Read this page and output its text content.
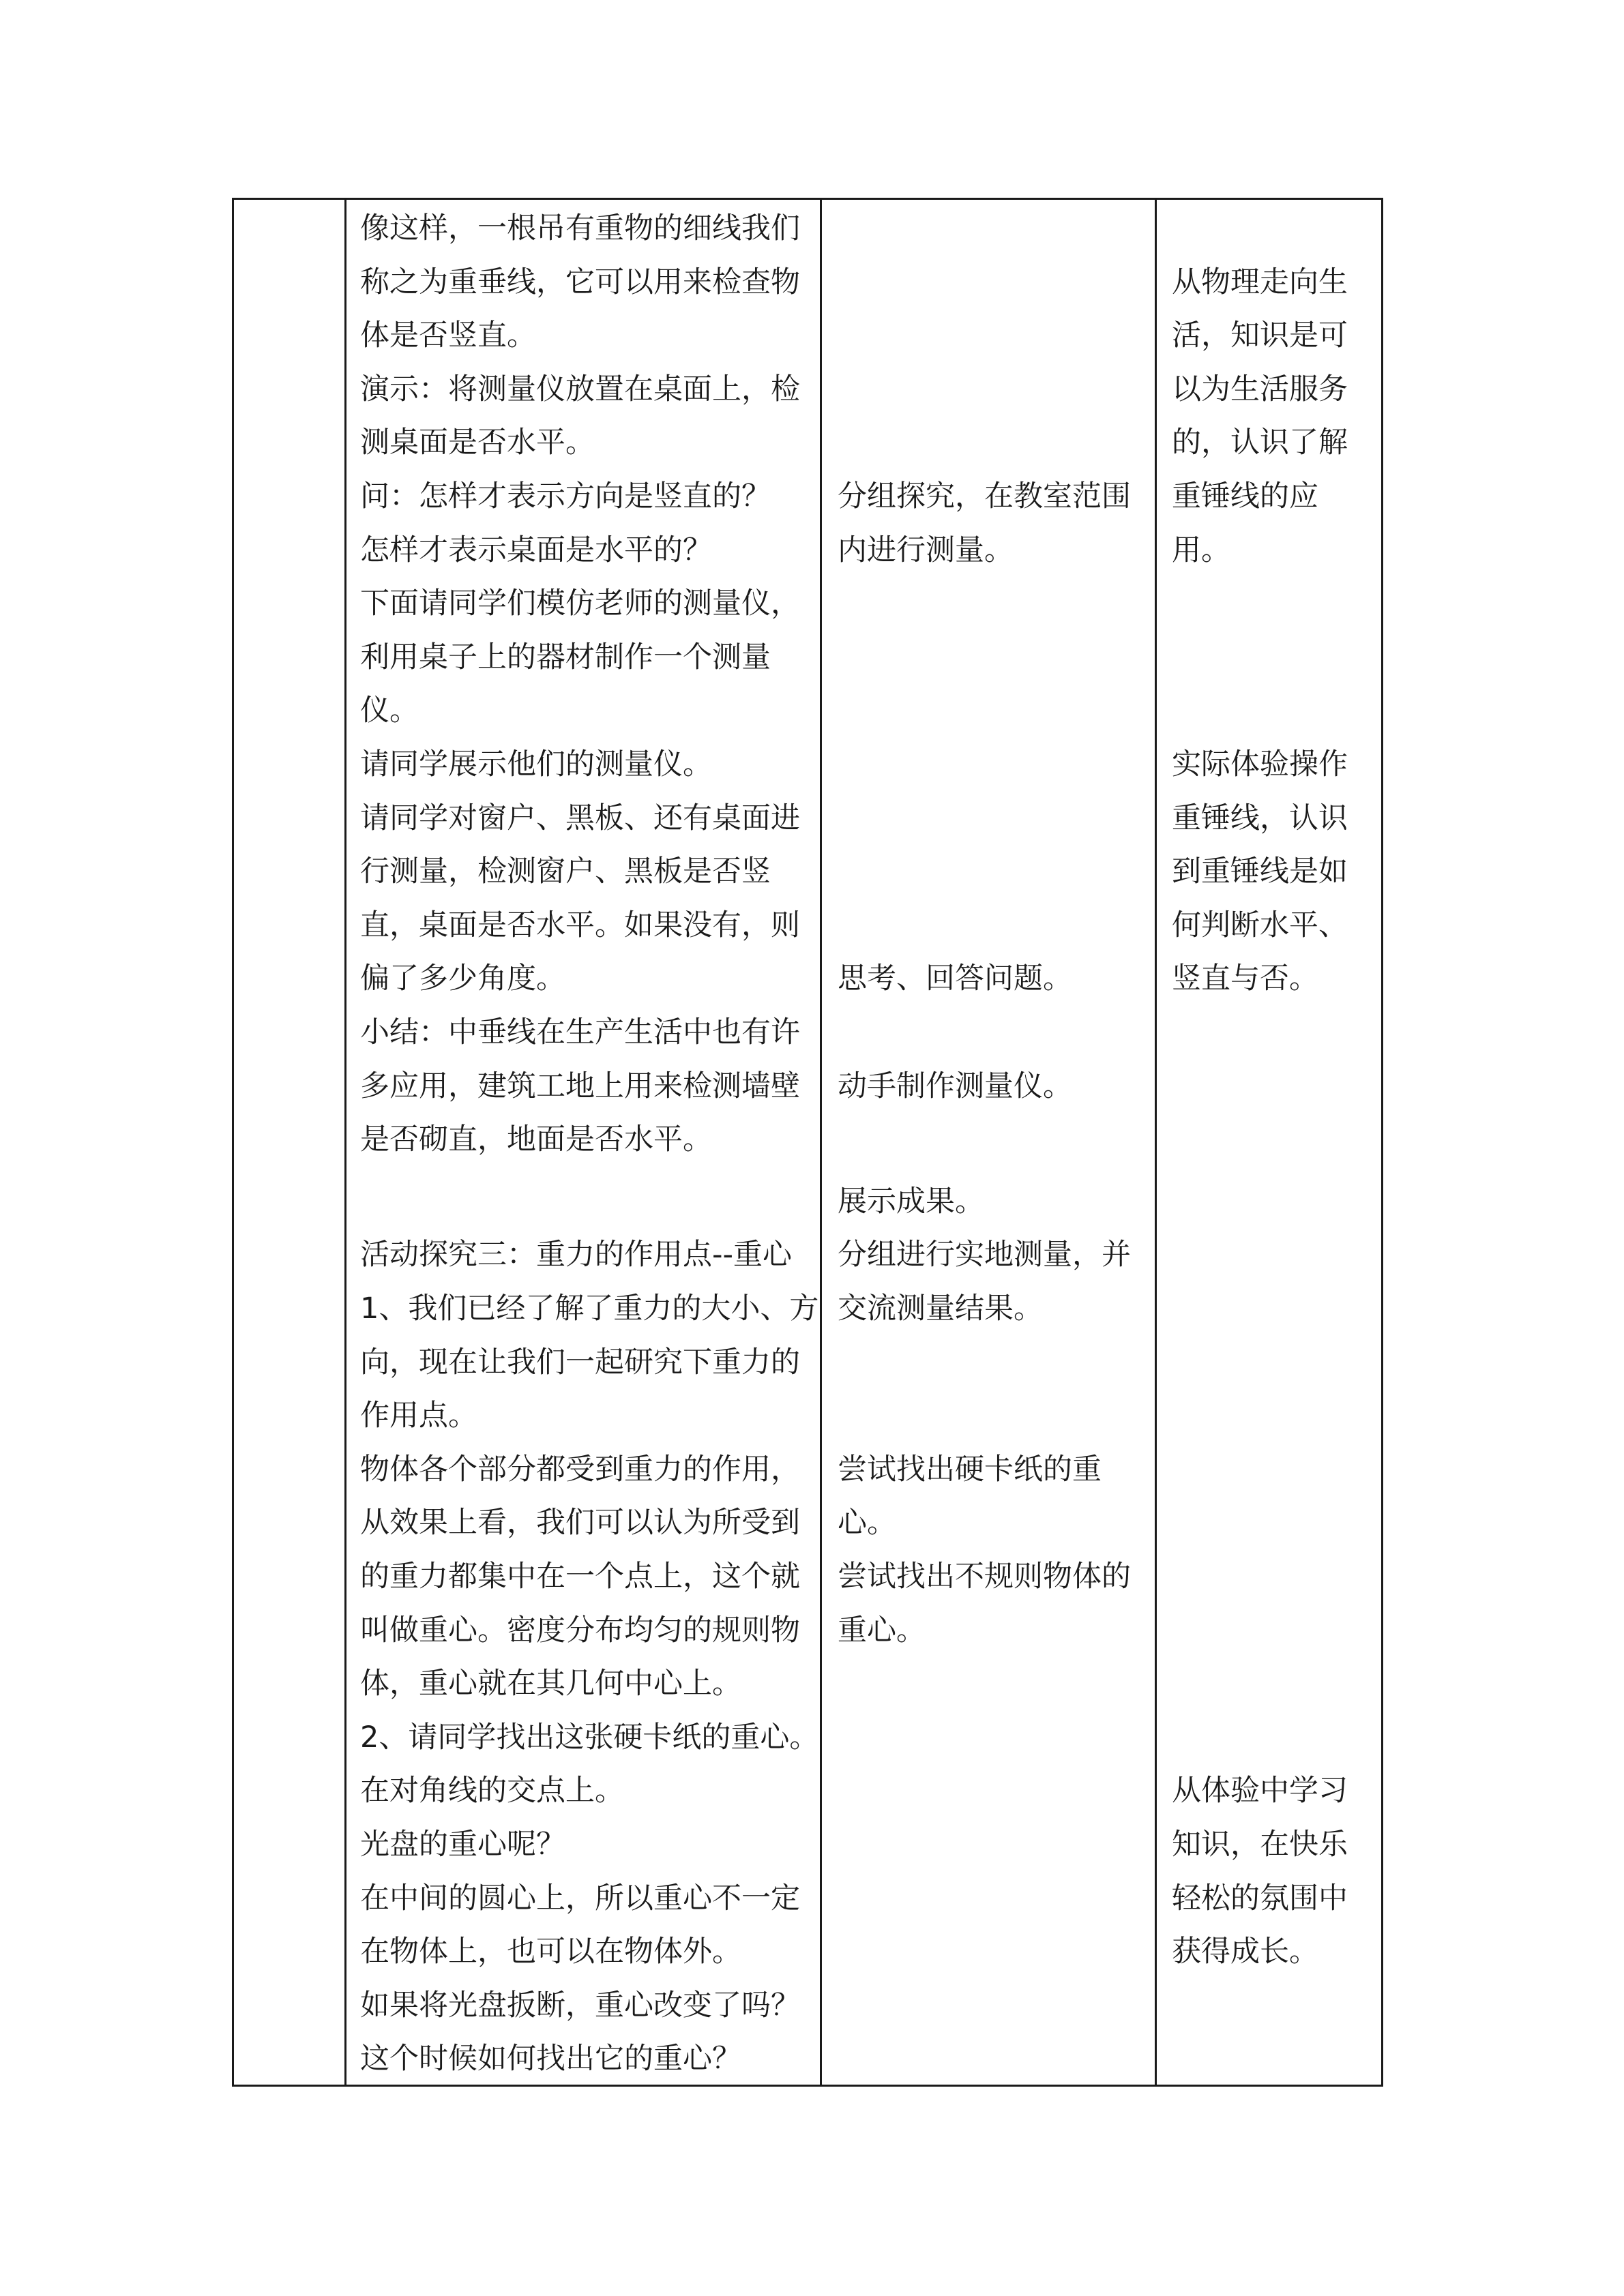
像这样，一根吊有重物的细线我们
称之为重垂线，它可以用来检查物
体是否竖直。
演示：将测量仪放置在桌面上，检
测桌面是否水平。
问：怎样才表示方向是竖直的？
怎样才表示桌面是水平的？
下面请同学们模仿老师的测量仪，
利用桌子上的器材制作一个测量
仪。
请同学展示他们的测量仪。
请同学对窗户、黑板、还有桌面进
行测量，检测窗户、黑板是否竖
直，桌面是否水平。如果没有，则
偏了多少角度。
小结：中垂线在生产生活中也有许
多应用，建筑工地上用来检测墙壁
是否砌直，地面是否水平。
活动探究三：重力的作用点--重心
1、我们已经了解了重力的大小、方
向，现在让我们一起研究下重力的
作用点。
物体各个部分都受到重力的作用，
从效果上看，我们可以认为所受到
的重力都集中在一个点上，这个就
叫做重心。密度分布均匀的规则物
体，重心就在其几何中心上。
2、请同学找出这张硬卡纸的重心。
在对角线的交点上。
光盘的重心呢？
在中间的圆心上，所以重心不一定
在物体上，也可以在物体外。
如果将光盘扳断，重心改变了吗？
这个时候如何找出它的重心？
分组探究，在教室范围
内进行测量。
思考、回答问题。
动手制作测量仪。
展示成果。
分组进行实地测量，并
交流测量结果。
尝试找出硬卡纸的重
心。
尝试找出不规则物体的
重心。
从物理走向生
活，知识是可
以为生活服务
的，认识了解
重锤线的应
用。
实际体验操作
重锤线，认识
到重锤线是如
何判断水平、
竖直与否。
从体验中学习
知识，在快乐
轻松的氛围中
获得成长。
